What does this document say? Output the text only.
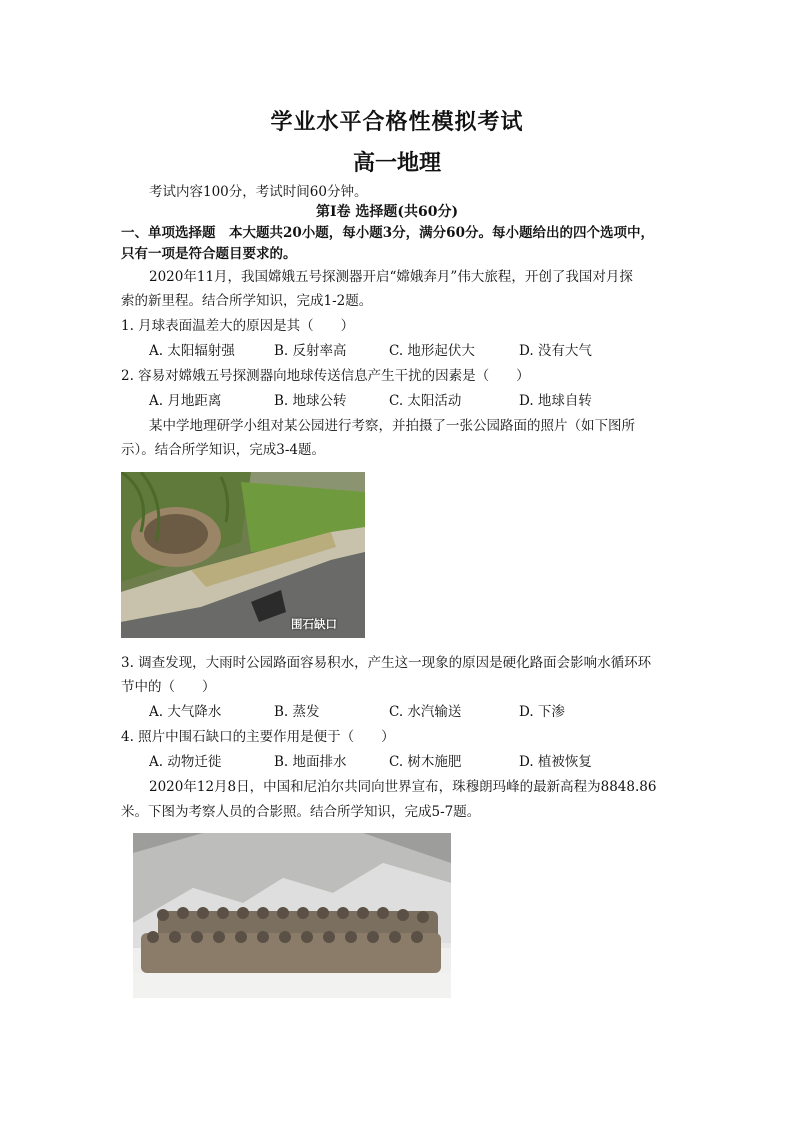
学业水平合格性模拟考试
高一地理
考试内容100分，考试时间60分钟。
第Ⅰ卷 选择题(共60分)
一、单项选择题　本大题共20小题，每小题3分，满分60分。每小题给出的四个选项中，
只有一项是符合题目要求的。
2020年11月，我国嫦娥五号探测器开启“嫦娥奔月”伟大旅程，开创了我国对月探
索的新里程。结合所学知识，完成1-2题。
1. 月球表面温差大的原因是其（　　）
A. 太阳辐射强	B. 反射率高	C. 地形起伏大	D. 没有大气
2. 容易对嫦娥五号探测器向地球传送信息产生干扰的因素是（　　）
A. 月地距离	B. 地球公转	C. 太阳活动	D. 地球自转
某中学地理研学小组对某公园进行考察，并拍摄了一张公园路面的照片（如下图所
示）。结合所学知识，完成3-4题。
围石缺口
3. 调查发现，大雨时公园路面容易积水，产生这一现象的原因是硬化路面会影响水循环环
节中的（　　）
A. 大气降水	B. 蒸发	C. 水汽输送	D. 下渗
4. 照片中围石缺口的主要作用是便于（　　）
A. 动物迁徙	B. 地面排水	C. 树木施肥	D. 植被恢复
2020年12月8日，中国和尼泊尔共同向世界宣布，珠穆朗玛峰的最新高程为8848.86
米。下图为考察人员的合影照。结合所学知识，完成5-7题。
